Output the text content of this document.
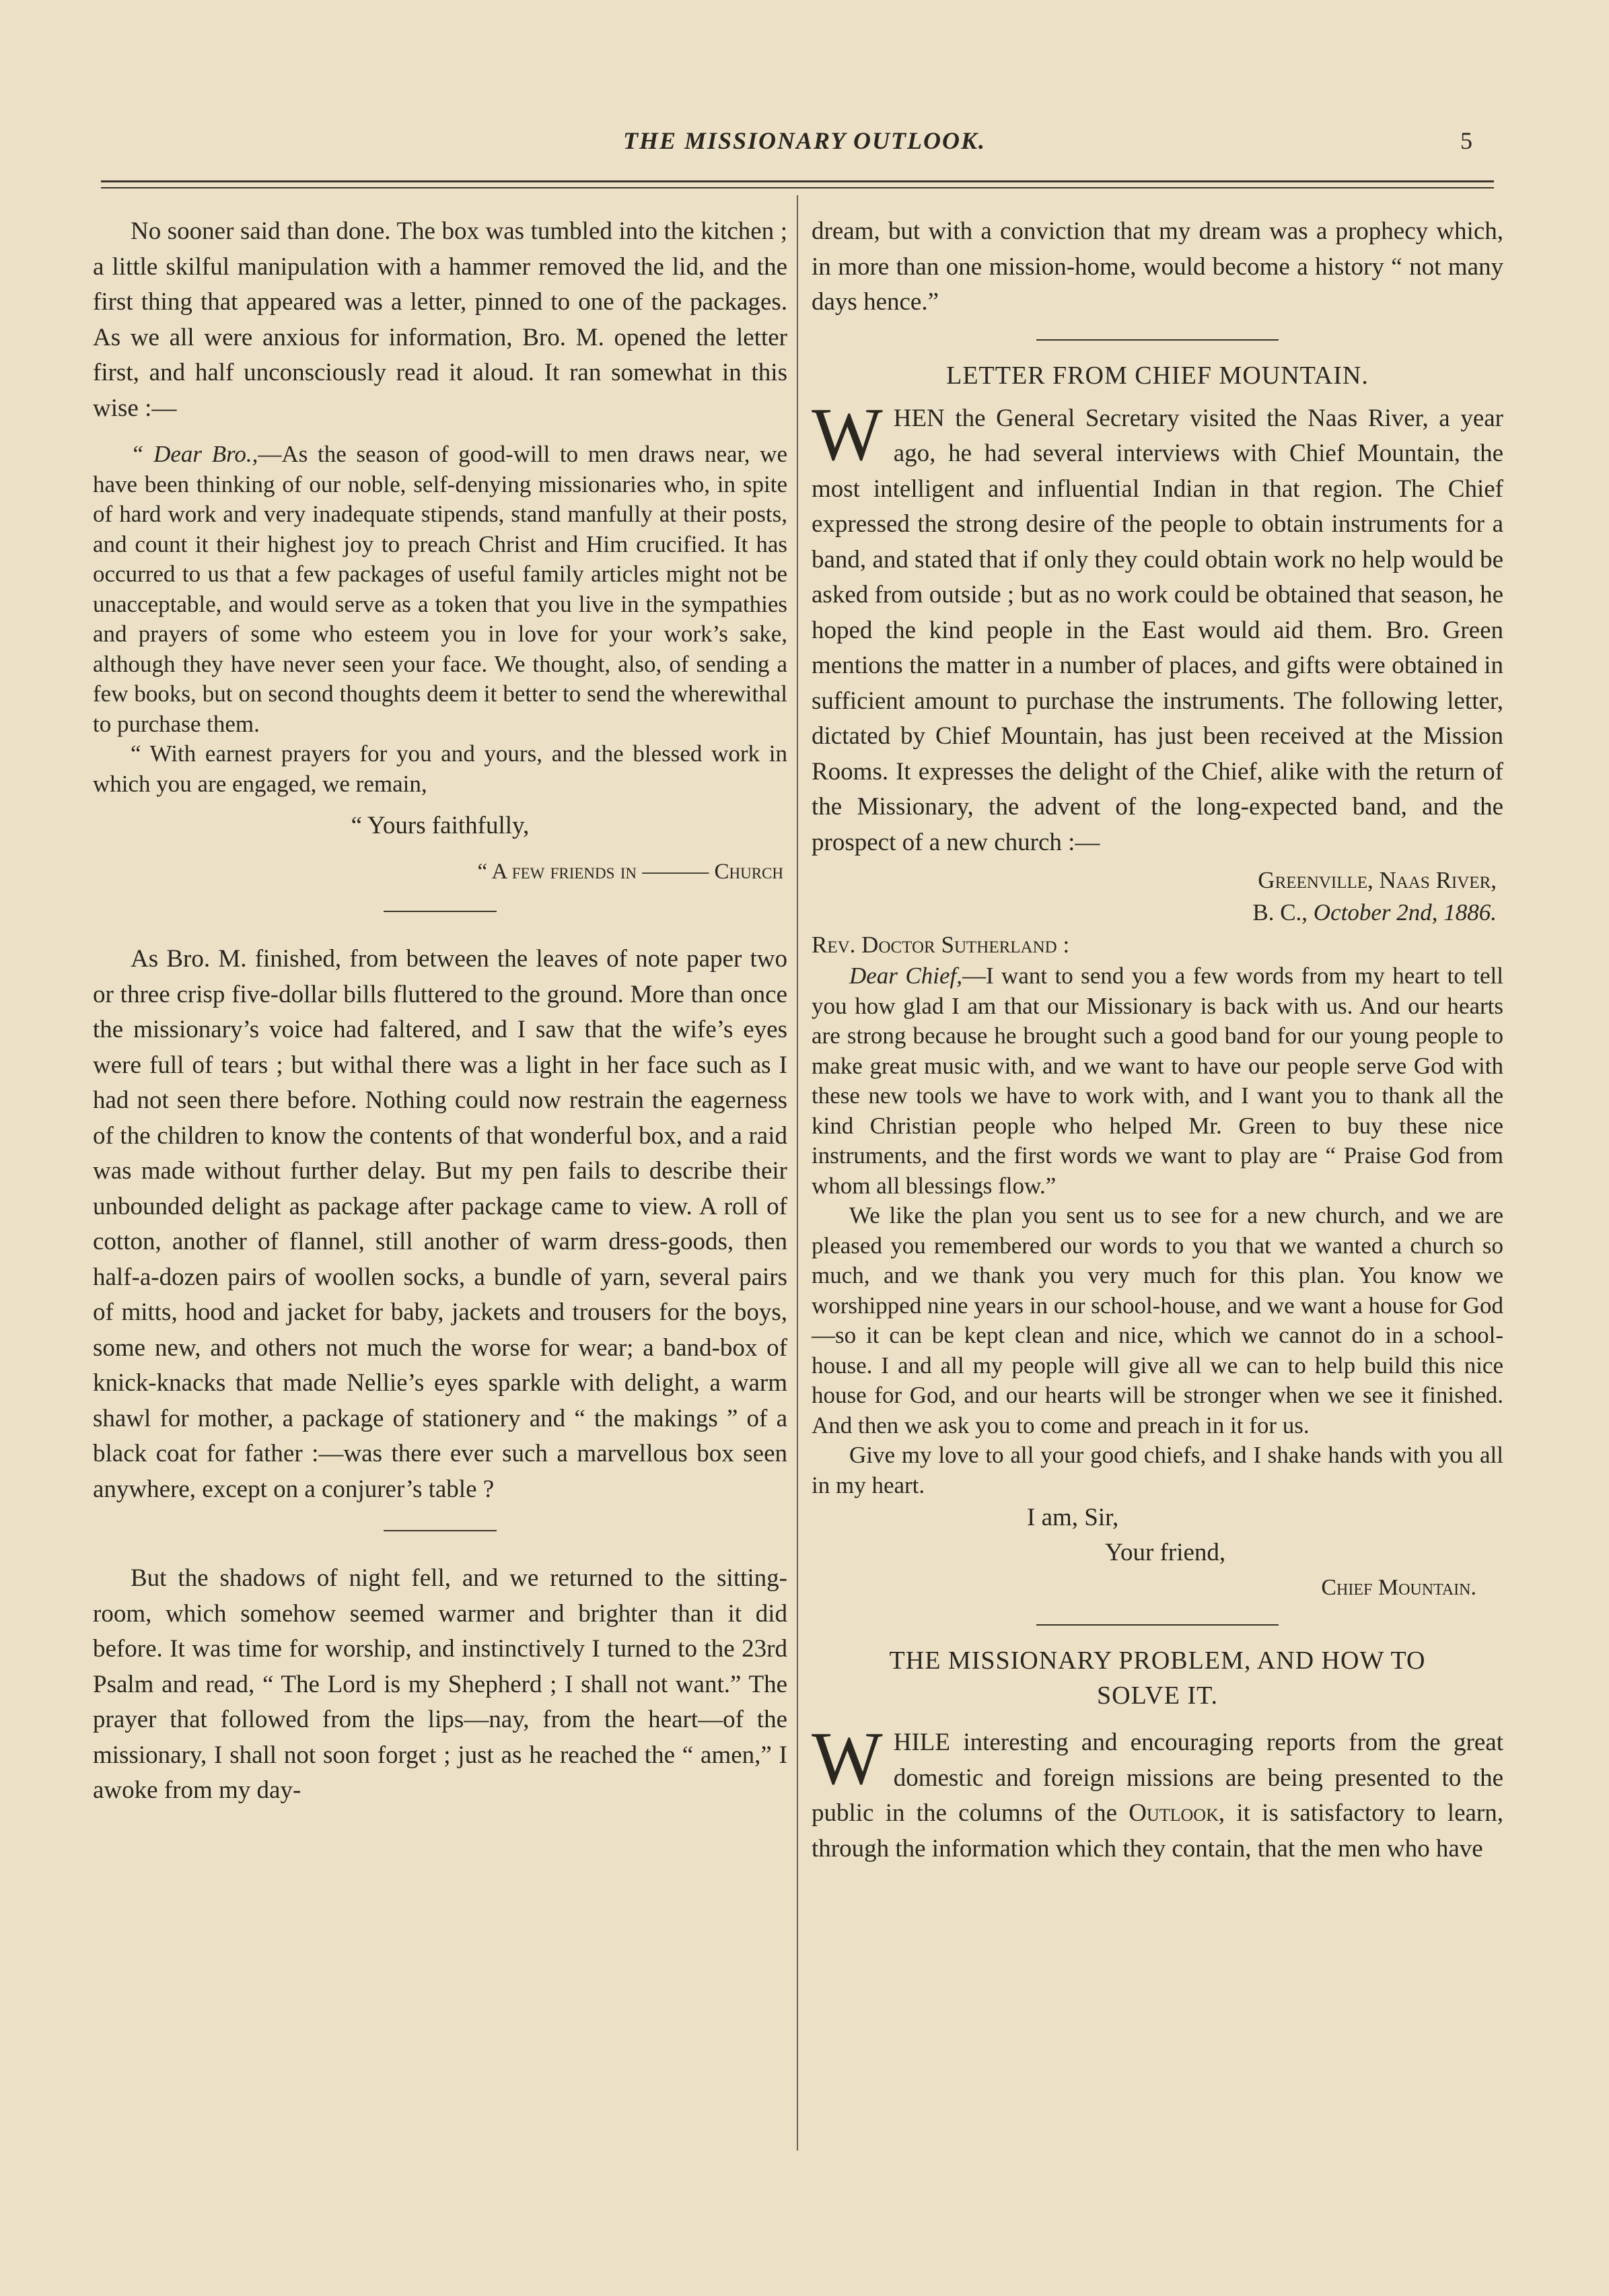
THE MISSIONARY OUTLOOK.	5

No sooner said than done. The box was tumbled into the kitchen ; a little skilful manipulation with a hammer removed the lid, and the first thing that appeared was a letter, pinned to one of the packages. As we all were anxious for information, Bro. M. opened the letter first, and half unconsciously read it aloud. It ran somewhat in this wise :—

“ Dear Bro.,—As the season of good-will to men draws near, we have been thinking of our noble, self-denying missionaries who, in spite of hard work and very inadequate stipends, stand manfully at their posts, and count it their highest joy to preach Christ and Him crucified. It has occurred to us that a few packages of useful family articles might not be unacceptable, and would serve as a token that you live in the sympathies and prayers of some who esteem you in love for your work’s sake, although they have never seen your face. We thought, also, of sending a few books, but on second thoughts deem it better to send the wherewithal to purchase them.

“ With earnest prayers for you and yours, and the blessed work in which you are engaged, we remain,

“ Yours faithfully,
“ A few friends in ——— Church

As Bro. M. finished, from between the leaves of note paper two or three crisp five-dollar bills fluttered to the ground. More than once the missionary’s voice had faltered, and I saw that the wife’s eyes were full of tears ; but withal there was a light in her face such as I had not seen there before. Nothing could now restrain the eagerness of the children to know the contents of that wonderful box, and a raid was made without further delay. But my pen fails to describe their unbounded delight as package after package came to view. A roll of cotton, another of flannel, still another of warm dress-goods, then half-a-dozen pairs of woollen socks, a bundle of yarn, several pairs of mitts, hood and jacket for baby, jackets and trousers for the boys, some new, and others not much the worse for wear; a band-box of knick-knacks that made Nellie’s eyes sparkle with delight, a warm shawl for mother, a package of stationery and “ the makings ” of a black coat for father :—was there ever such a marvellous box seen anywhere, except on a conjurer’s table ?

But the shadows of night fell, and we returned to the sitting-room, which somehow seemed warmer and brighter than it did before. It was time for worship, and instinctively I turned to the 23rd Psalm and read, “ The Lord is my Shepherd ; I shall not want.” The prayer that followed from the lips—nay, from the heart—of the missionary, I shall not soon forget ; just as he reached the “ amen,” I awoke from my day-

dream, but with a conviction that my dream was a prophecy which, in more than one mission-home, would become a history “ not many days hence.”

LETTER FROM CHIEF MOUNTAIN.

WHEN the General Secretary visited the Naas River, a year ago, he had several interviews with Chief Mountain, the most intelligent and influential Indian in that region. The Chief expressed the strong desire of the people to obtain instruments for a band, and stated that if only they could obtain work no help would be asked from outside ; but as no work could be obtained that season, he hoped the kind people in the East would aid them. Bro. Green mentions the matter in a number of places, and gifts were obtained in sufficient amount to purchase the instruments. The following letter, dictated by Chief Mountain, has just been received at the Mission Rooms. It expresses the delight of the Chief, alike with the return of the Missionary, the advent of the long-expected band, and the prospect of a new church :—

Greenville, Naas River,
B. C., October 2nd, 1886.
Rev. Doctor Sutherland :

Dear Chief,—I want to send you a few words from my heart to tell you how glad I am that our Missionary is back with us. And our hearts are strong because he brought such a good band for our young people to make great music with, and we want to have our people serve God with these new tools we have to work with, and I want you to thank all the kind Christian people who helped Mr. Green to buy these nice instruments, and the first words we want to play are “ Praise God from whom all blessings flow.”

We like the plan you sent us to see for a new church, and we are pleased you remembered our words to you that we wanted a church so much, and we thank you very much for this plan. You know we worshipped nine years in our school-house, and we want a house for God—so it can be kept clean and nice, which we cannot do in a school-house. I and all my people will give all we can to help build this nice house for God, and our hearts will be stronger when we see it finished. And then we ask you to come and preach in it for us.

Give my love to all your good chiefs, and I shake hands with you all in my heart.

I am, Sir,
Your friend,
Chief Mountain.
THE MISSIONARY PROBLEM, AND HOW TO
SOLVE IT.

WHILE interesting and encouraging reports from the great domestic and foreign missions are being presented to the public in the columns of the Outlook, it is satisfactory to learn, through the information which they contain, that the men who have
